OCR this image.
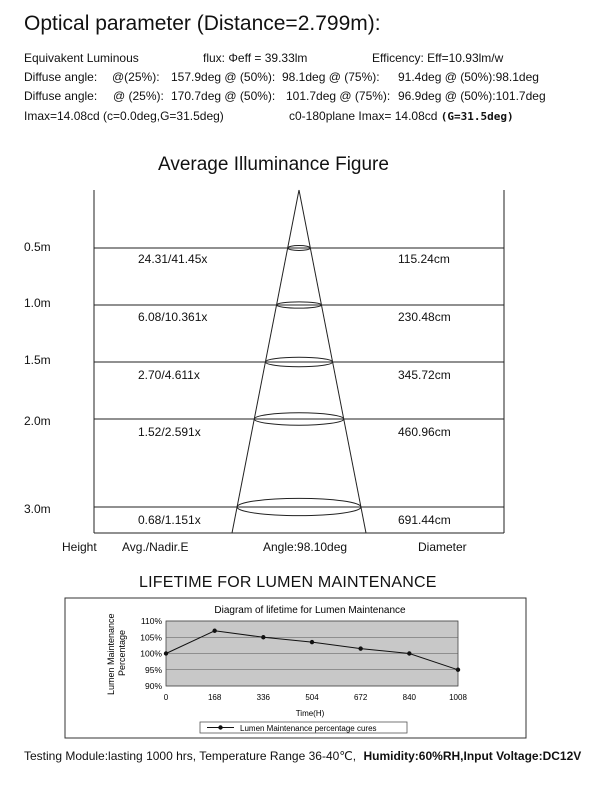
Optical parameter (Distance=2.799m):
Equivakent Luminous	flux: Φeff = 39.33lm	Efficency: Eff=10.93lm/w
Diffuse angle: @(25%): 157.9deg @ (50%): 98.1deg @ (75%): 91.4deg @ (50%):98.1deg
Diffuse angle: @ (25%): 170.7deg @ (50%): 101.7deg @ (75%): 96.9deg @ (50%):101.7deg
Imax=14.08cd (c=0.0deg,G=31.5deg)	c0-180plane Imax= 14.08cd (G=31.5deg)
Average Illuminance Figure
0.5m
24.31/41.45x	115.24cm
1.0m
6.08/10.361x	230.48cm
1.5m
2.70/4.611x	345.72cm
2.0m
1.52/2.591x	460.96cm
3.0m
0.68/1.151x	691.44cm
Height Avg./Nadir.E	Angle:98.10deg	Diameter
LIFETIME FOR LUMEN MAINTENANCE
Diagram of lifetime for Lumen Maintenance
110%
105%
100%
95%
90%
0	168	336	504	672	840	1008
Lumen Maintenance Percentage
Time(H)
Lumen Maintenance percentage cures
Testing Module:lasting 1000 hrs, Temperature Range 36-40℃, Humidity:60%RH,Input Voltage:DC12V
